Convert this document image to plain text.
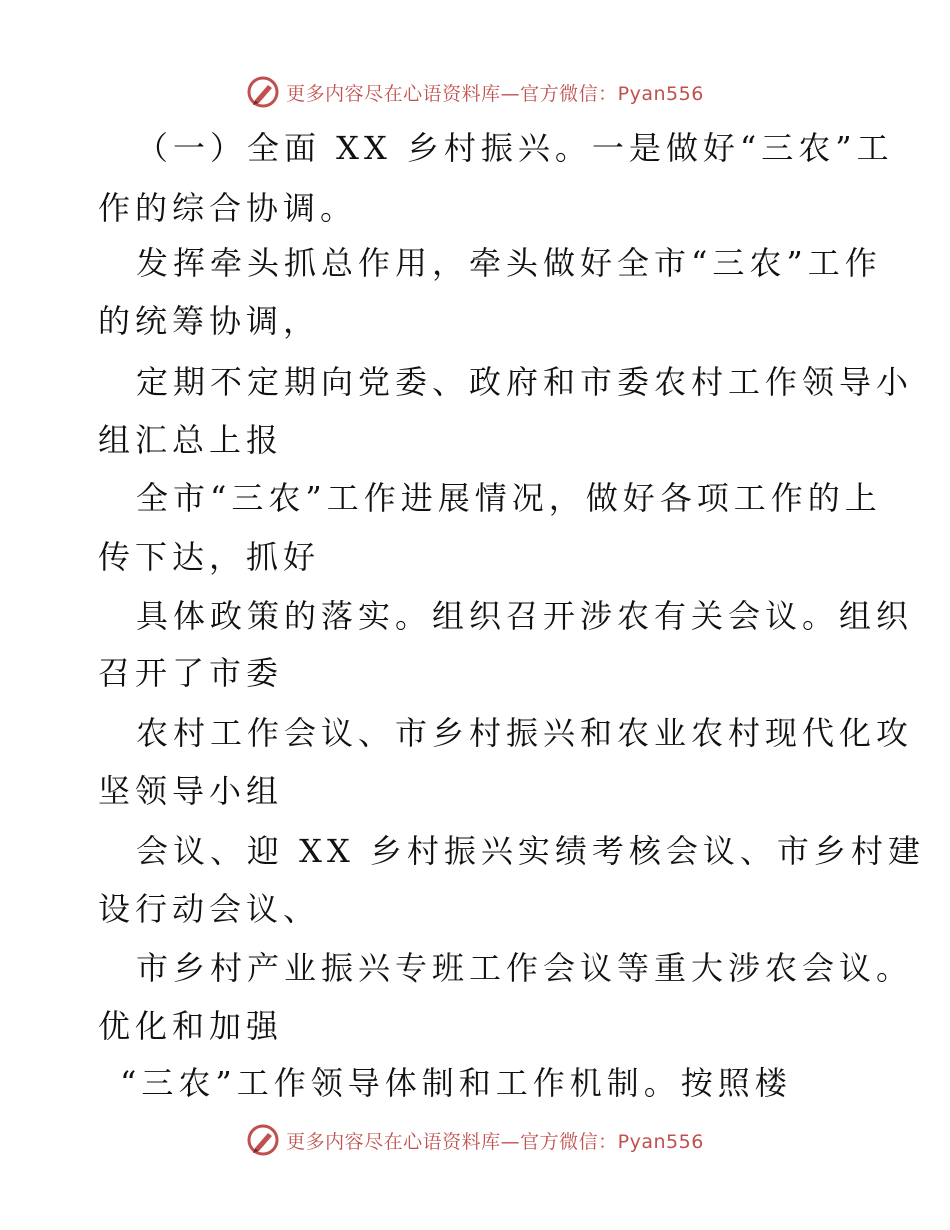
更多内容尽在心语资料库—官方微信：Pyan556
（一）全面 XX 乡村振兴。一是做好“三农”工
作的综合协调。
发挥牵头抓总作用，牵头做好全市“三农”工作
的统筹协调，
定期不定期向党委、政府和市委农村工作领导小
组汇总上报
全市“三农”工作进展情况，做好各项工作的上
传下达，抓好
具体政策的落实。组织召开涉农有关会议。组织
召开了市委
农村工作会议、市乡村振兴和农业农村现代化攻
坚领导小组
会议、迎 XX 乡村振兴实绩考核会议、市乡村建
设行动会议、
市乡村产业振兴专班工作会议等重大涉农会议。
优化和加强
“三农”工作领导体制和工作机制。按照楼
更多内容尽在心语资料库—官方微信：Pyan556
